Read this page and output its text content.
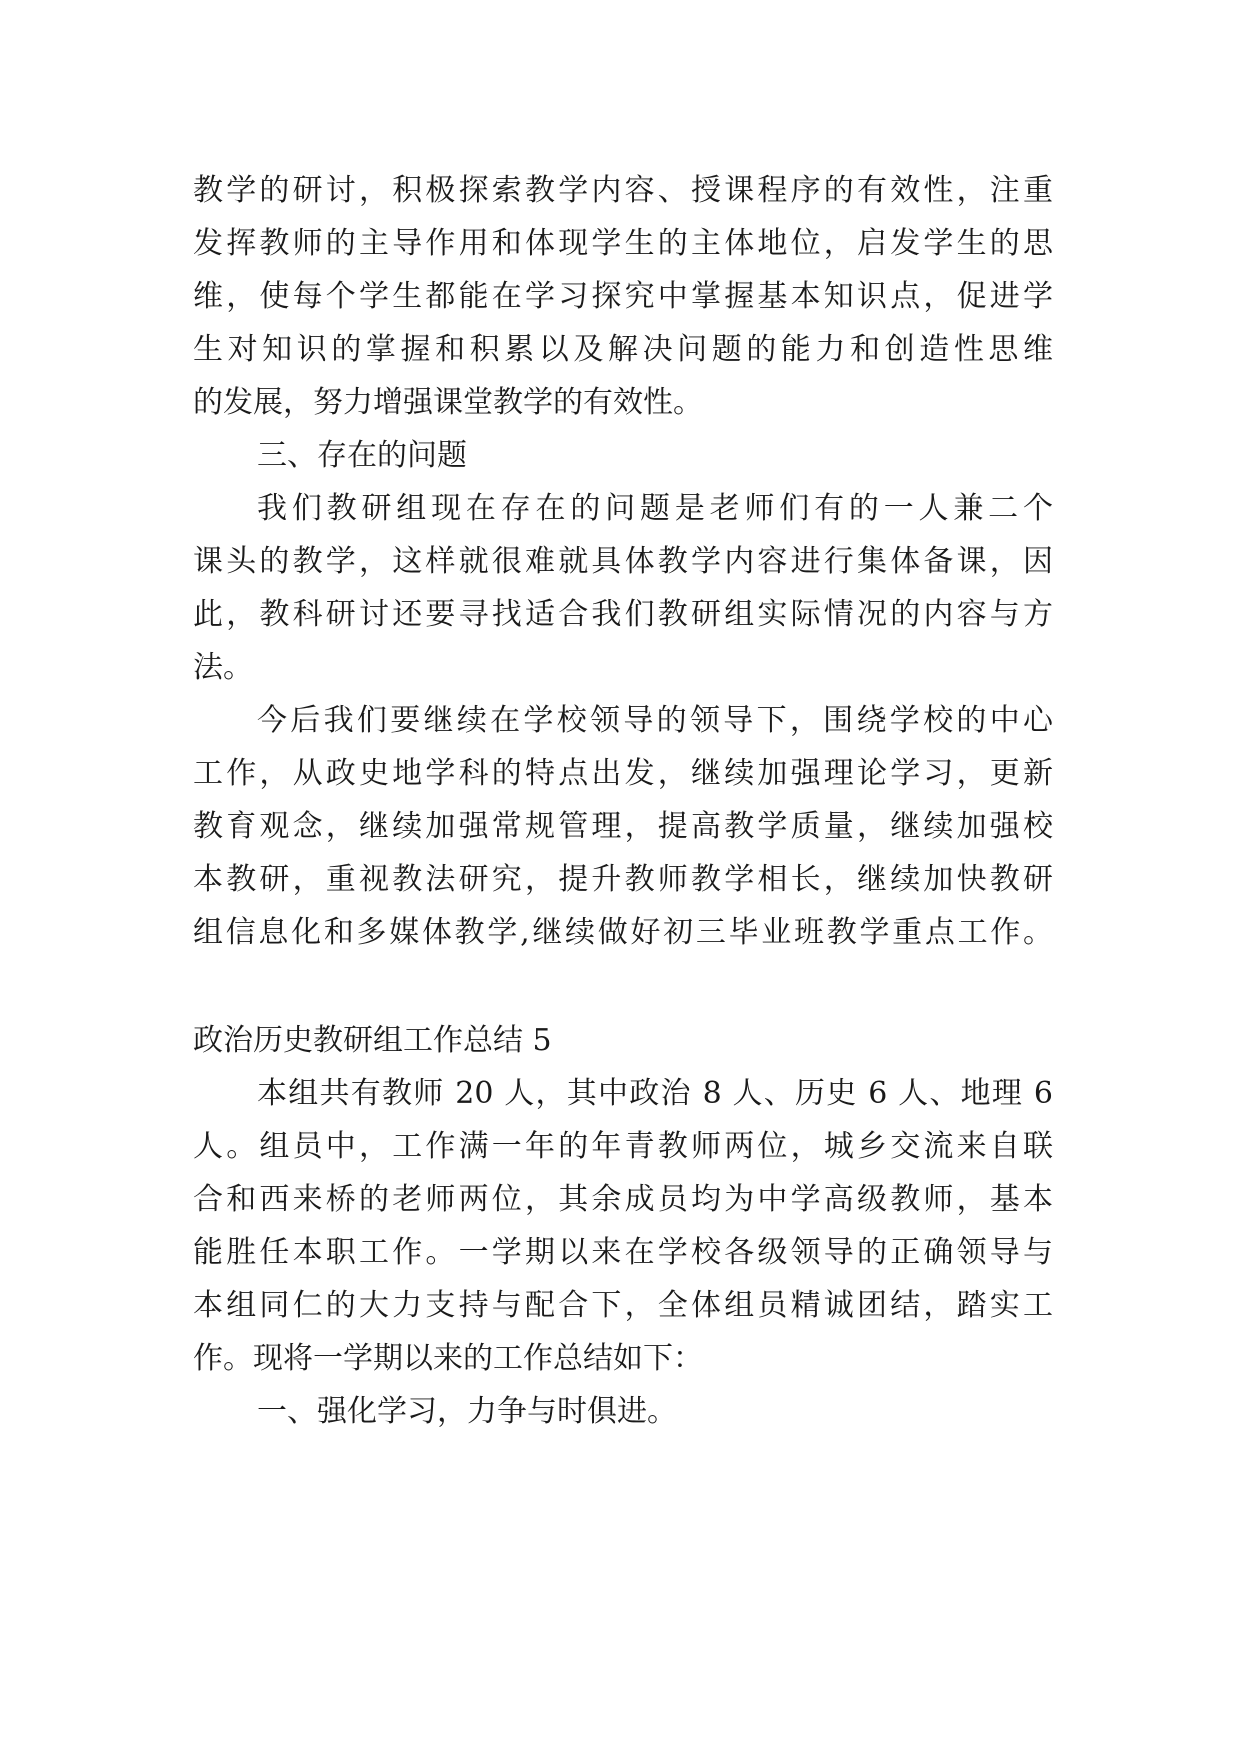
教学的研讨，积极探索教学内容、授课程序的有效性，注重
发挥教师的主导作用和体现学生的主体地位，启发学生的思
维，使每个学生都能在学习探究中掌握基本知识点，促进学
生对知识的掌握和积累以及解决问题的能力和创造性思维
的发展，努力增强课堂教学的有效性。
三、存在的问题
我们教研组现在存在的问题是老师们有的一人兼二个
课头的教学，这样就很难就具体教学内容进行集体备课，因
此，教科研讨还要寻找适合我们教研组实际情况的内容与方
法。
今后我们要继续在学校领导的领导下，围绕学校的中心
工作，从政史地学科的特点出发，继续加强理论学习，更新
教育观念，继续加强常规管理，提高教学质量，继续加强校
本教研，重视教法研究，提升教师教学相长，继续加快教研
组信息化和多媒体教学,继续做好初三毕业班教学重点工作。
政治历史教研组工作总结 5
本组共有教师 20 人，其中政治 8 人、历史 6 人、地理 6
人。组员中，工作满一年的年青教师两位，城乡交流来自联
合和西来桥的老师两位，其余成员均为中学高级教师，基本
能胜任本职工作。一学期以来在学校各级领导的正确领导与
本组同仁的大力支持与配合下，全体组员精诚团结，踏实工
作。现将一学期以来的工作总结如下：
一、强化学习，力争与时俱进。
